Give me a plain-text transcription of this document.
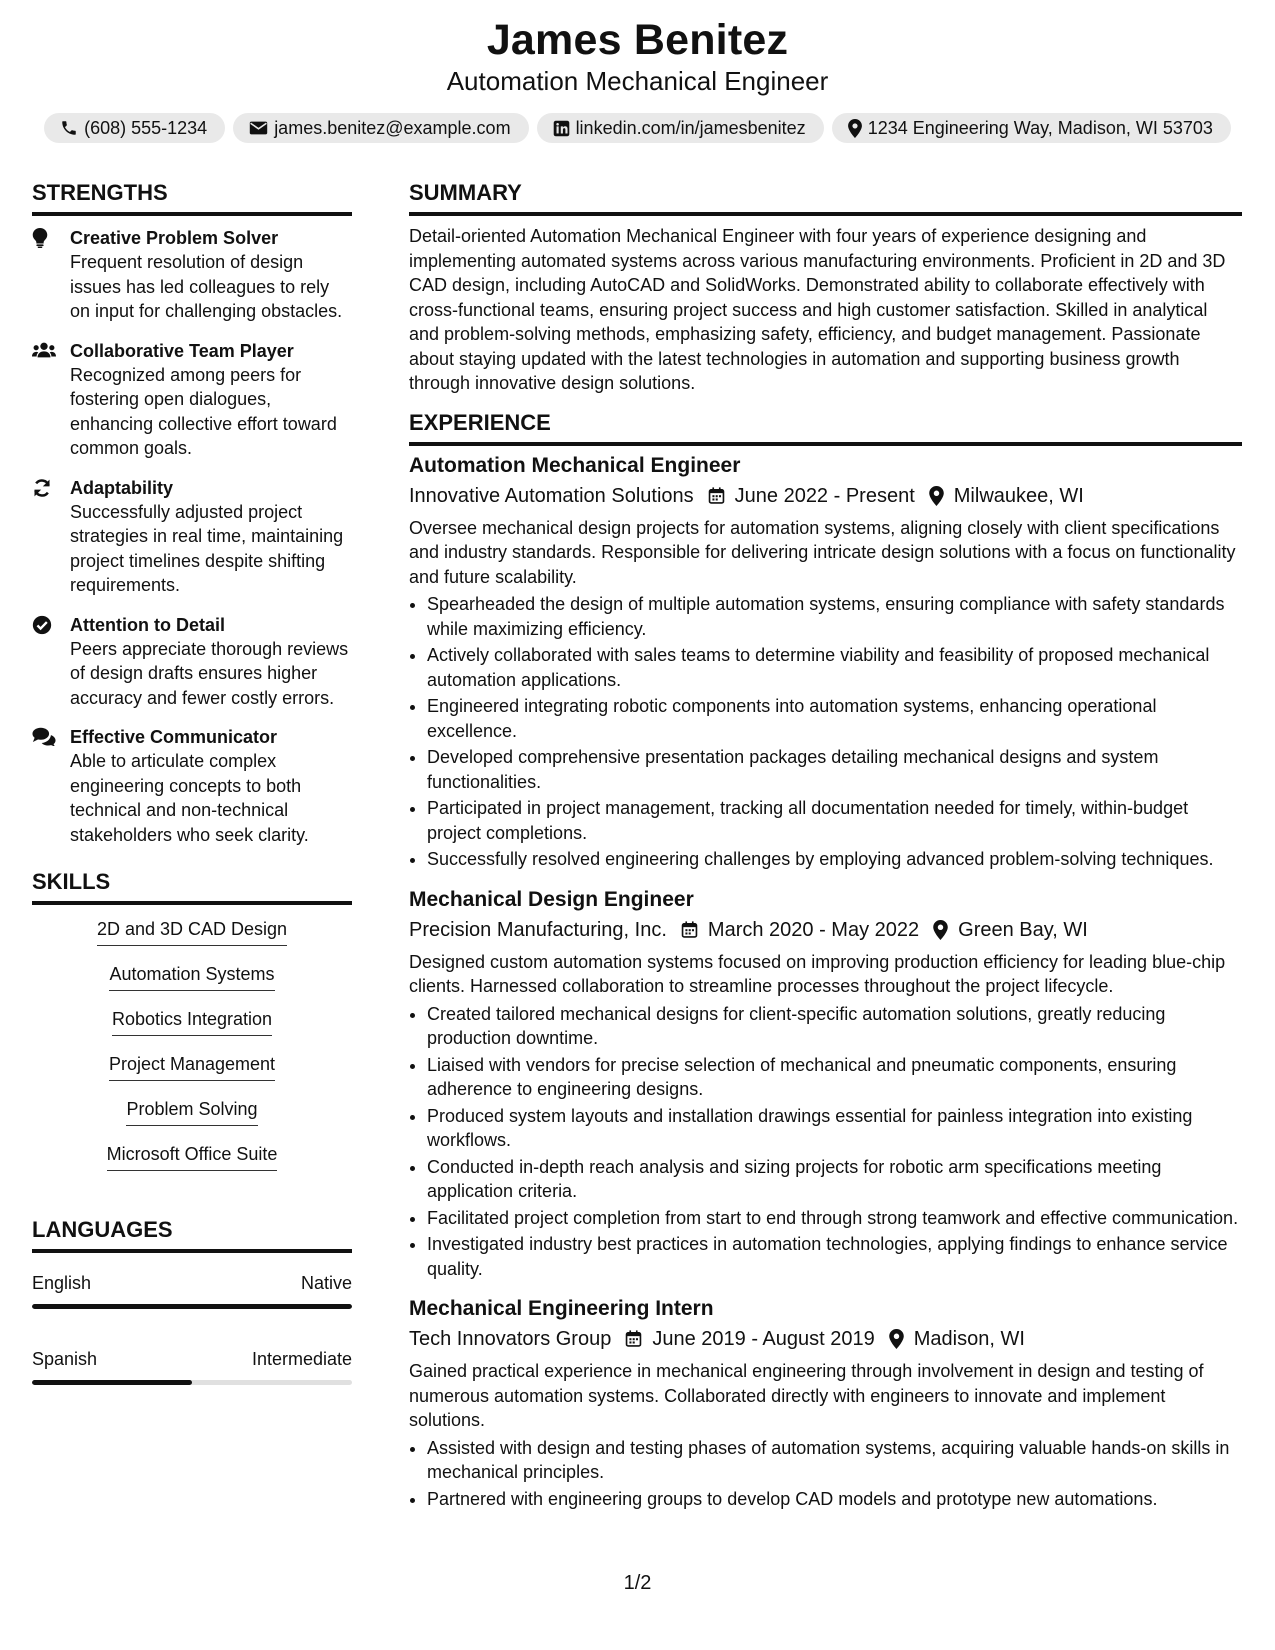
James Benitez
Automation Mechanical Engineer
(608) 555-1234	james.benitez@example.com	linkedin.com/in/jamesbenitez	1234 Engineering Way, Madison, WI 53703
STRENGTHS
Creative Problem Solver
Frequent resolution of design issues has led colleagues to rely on input for challenging obstacles.
Collaborative Team Player
Recognized among peers for fostering open dialogues, enhancing collective effort toward common goals.
Adaptability
Successfully adjusted project strategies in real time, maintaining project timelines despite shifting requirements.
Attention to Detail
Peers appreciate thorough reviews of design drafts ensures higher accuracy and fewer costly errors.
Effective Communicator
Able to articulate complex engineering concepts to both technical and non-technical stakeholders who seek clarity.
SKILLS
2D and 3D CAD Design
Automation Systems
Robotics Integration
Project Management
Problem Solving
Microsoft Office Suite
LANGUAGES
English	Native
Spanish	Intermediate
SUMMARY
Detail-oriented Automation Mechanical Engineer with four years of experience designing and implementing automated systems across various manufacturing environments. Proficient in 2D and 3D CAD design, including AutoCAD and SolidWorks. Demonstrated ability to collaborate effectively with cross-functional teams, ensuring project success and high customer satisfaction. Skilled in analytical and problem-solving methods, emphasizing safety, efficiency, and budget management. Passionate about staying updated with the latest technologies in automation and supporting business growth through innovative design solutions.
EXPERIENCE
Automation Mechanical Engineer
Innovative Automation Solutions June 2022 - Present Milwaukee, WI
Oversee mechanical design projects for automation systems, aligning closely with client specifications and industry standards. Responsible for delivering intricate design solutions with a focus on functionality and future scalability.
• Spearheaded the design of multiple automation systems, ensuring compliance with safety standards while maximizing efficiency.
• Actively collaborated with sales teams to determine viability and feasibility of proposed mechanical automation applications.
• Engineered integrating robotic components into automation systems, enhancing operational excellence.
• Developed comprehensive presentation packages detailing mechanical designs and system functionalities.
• Participated in project management, tracking all documentation needed for timely, within-budget project completions.
• Successfully resolved engineering challenges by employing advanced problem-solving techniques.
Mechanical Design Engineer
Precision Manufacturing, Inc. March 2020 - May 2022 Green Bay, WI
Designed custom automation systems focused on improving production efficiency for leading blue-chip clients. Harnessed collaboration to streamline processes throughout the project lifecycle.
• Created tailored mechanical designs for client-specific automation solutions, greatly reducing production downtime.
• Liaised with vendors for precise selection of mechanical and pneumatic components, ensuring adherence to engineering designs.
• Produced system layouts and installation drawings essential for painless integration into existing workflows.
• Conducted in-depth reach analysis and sizing projects for robotic arm specifications meeting application criteria.
• Facilitated project completion from start to end through strong teamwork and effective communication.
• Investigated industry best practices in automation technologies, applying findings to enhance service quality.
Mechanical Engineering Intern
Tech Innovators Group June 2019 - August 2019 Madison, WI
Gained practical experience in mechanical engineering through involvement in design and testing of numerous automation systems. Collaborated directly with engineers to innovate and implement solutions.
• Assisted with design and testing phases of automation systems, acquiring valuable hands-on skills in mechanical principles.
• Partnered with engineering groups to develop CAD models and prototype new automations.
1/2
